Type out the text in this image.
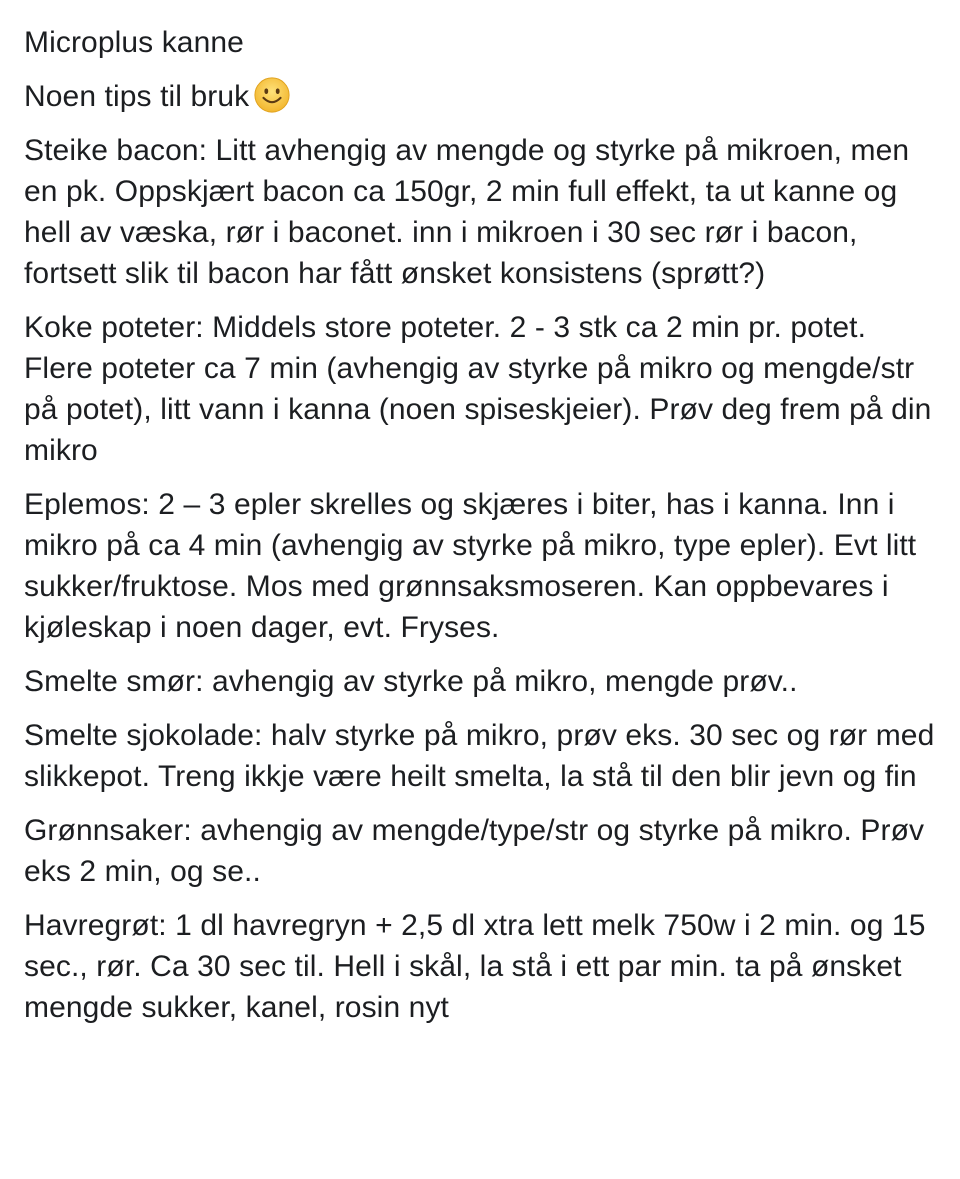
Microplus kanne
Noen tips til bruk
Steike bacon: Litt avhengig av mengde og styrke på mikroen, men en pk. Oppskjært bacon ca 150gr, 2 min full effekt, ta ut kanne og hell av væska, rør i baconet. inn i mikroen i 30 sec rør i bacon, fortsett slik til bacon har fått ønsket konsistens (sprøtt?)
Koke poteter: Middels store poteter. 2 - 3 stk ca 2 min pr. potet. Flere poteter ca 7 min (avhengig av styrke på mikro og mengde/str på potet), litt vann i kanna (noen spiseskjeier). Prøv deg frem på din mikro
Eplemos: 2 – 3 epler skrelles og skjæres i biter, has i kanna. Inn i mikro på ca 4 min (avhengig av styrke på mikro, type epler). Evt litt sukker/fruktose. Mos med grønnsaksmoseren. Kan oppbevares i kjøleskap i noen dager, evt. Fryses.
Smelte smør: avhengig av styrke på mikro, mengde prøv..
Smelte sjokolade: halv styrke på mikro, prøv eks. 30 sec og rør med slikkepot. Treng ikkje være heilt smelta, la stå til den blir jevn og fin
Grønnsaker: avhengig av mengde/type/str og styrke på mikro. Prøv eks 2 min, og se..
Havregrøt: 1 dl havregryn + 2,5 dl xtra lett melk 750w i 2 min. og 15 sec., rør. Ca 30 sec til. Hell i skål, la stå i ett par min. ta på ønsket mengde sukker, kanel, rosin nyt
